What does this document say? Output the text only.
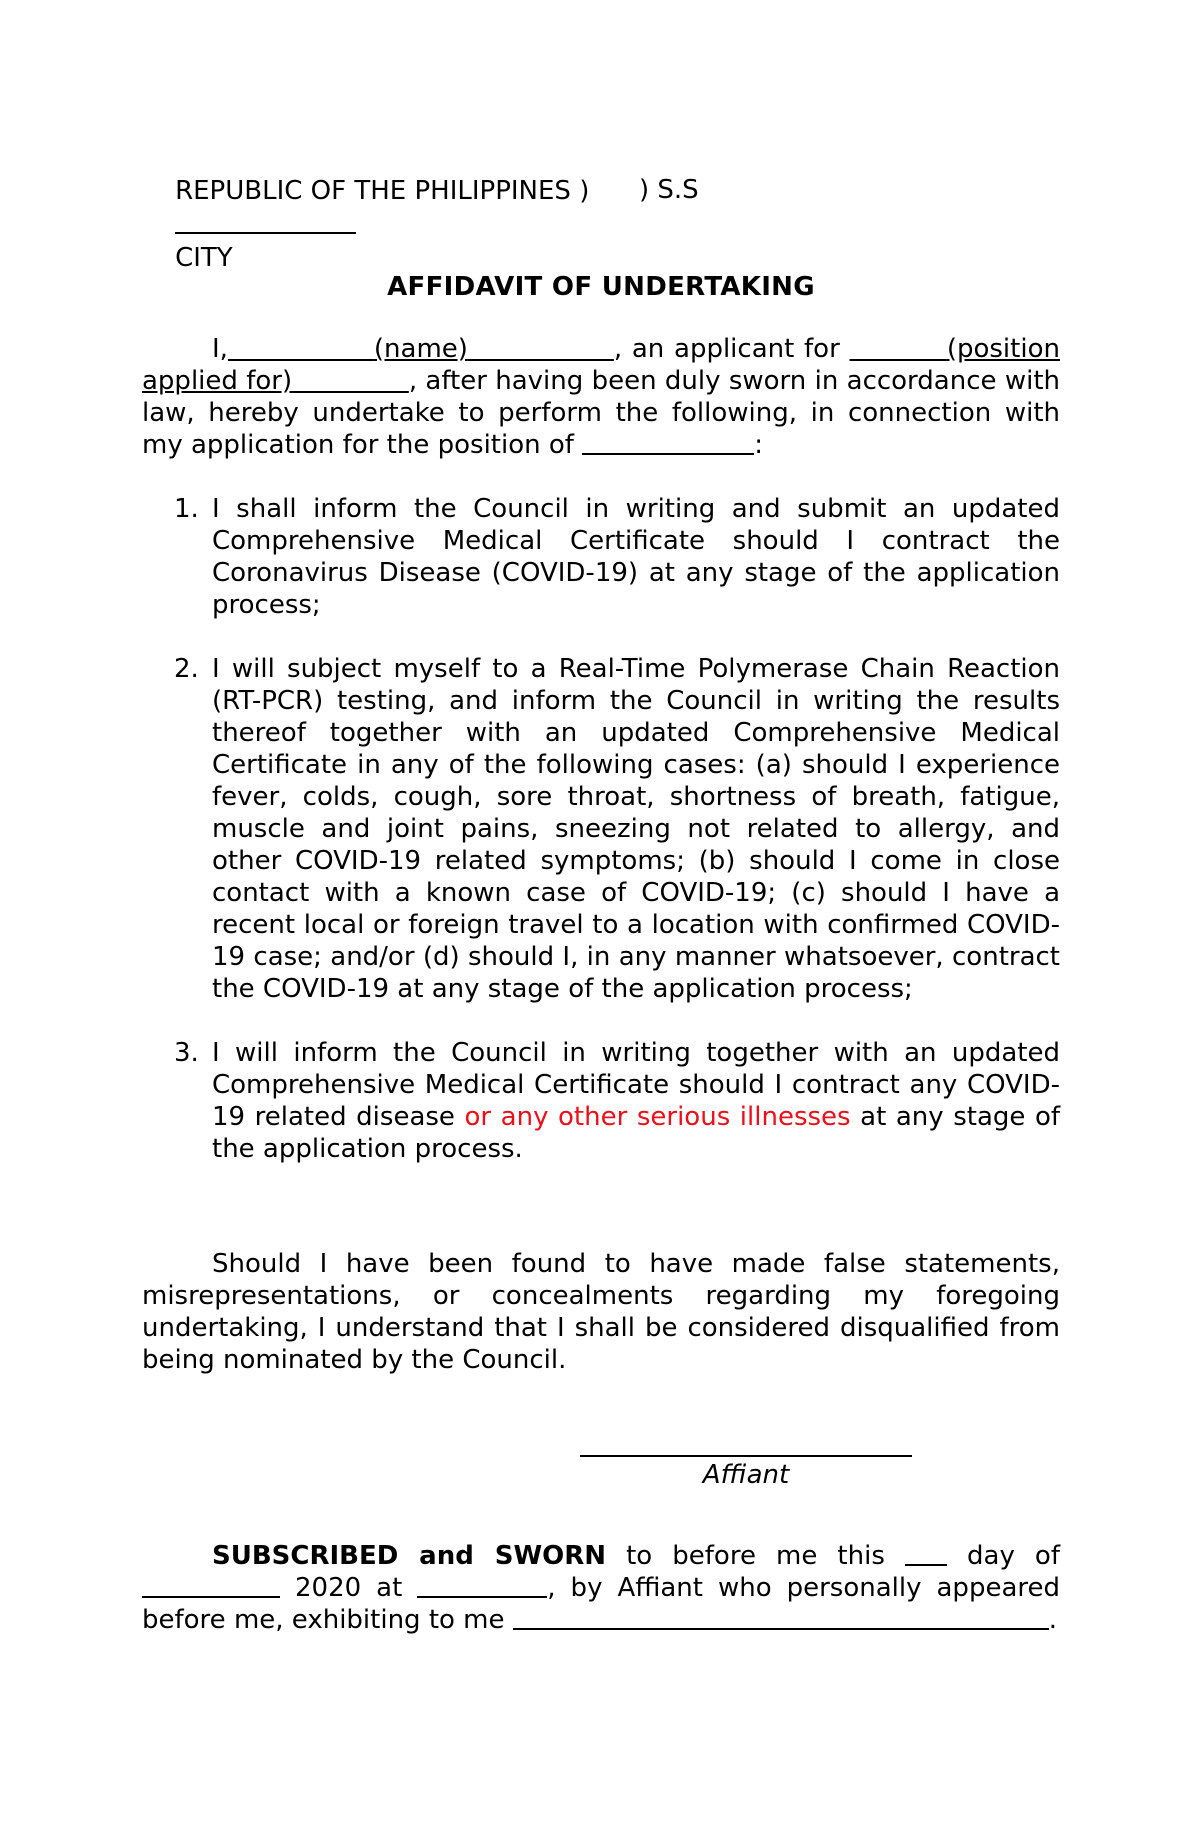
REPUBLIC OF THE PHILIPPINES )

CITY

) S.S

AFFIDAVIT OF UNDERTAKING
I,	(name)	, an applicant for	(position applied for)	, after having been duly sworn in accordance with law, hereby undertake to perform the following, in connection with my application for the position of	:
1. I shall inform the Council in writing and submit an updated Comprehensive Medical Certificate should I contract the Coronavirus Disease (COVID-19) at any stage of the application process;
2. I will subject myself to a Real-Time Polymerase Chain Reaction (RT-PCR) testing, and inform the Council in writing the results thereof together with an updated Comprehensive Medical Certificate in any of the following cases: (a) should I experience fever, colds, cough, sore throat, shortness of breath, fatigue, muscle and joint pains, sneezing not related to allergy, and other COVID-19 related symptoms; (b) should I come in close contact with a known case of COVID-19; (c) should I have a recent local or foreign travel to a location with confirmed COVID-19 case; and/or (d) should I, in any manner whatsoever, contract the COVID-19 at any stage of the application process;
3. I will inform the Council in writing together with an updated Comprehensive Medical Certificate should I contract any COVID-19 related disease or any other serious illnesses at any stage of the application process.
Should I have been found to have made false statements, misrepresentations, or concealments regarding my foregoing undertaking, I understand that I shall be considered disqualified from being nominated by the Council.
Affiant
SUBSCRIBED and SWORN to before me this  day of  2020 at	, by Affiant who personally appeared before me, exhibiting to me	.
